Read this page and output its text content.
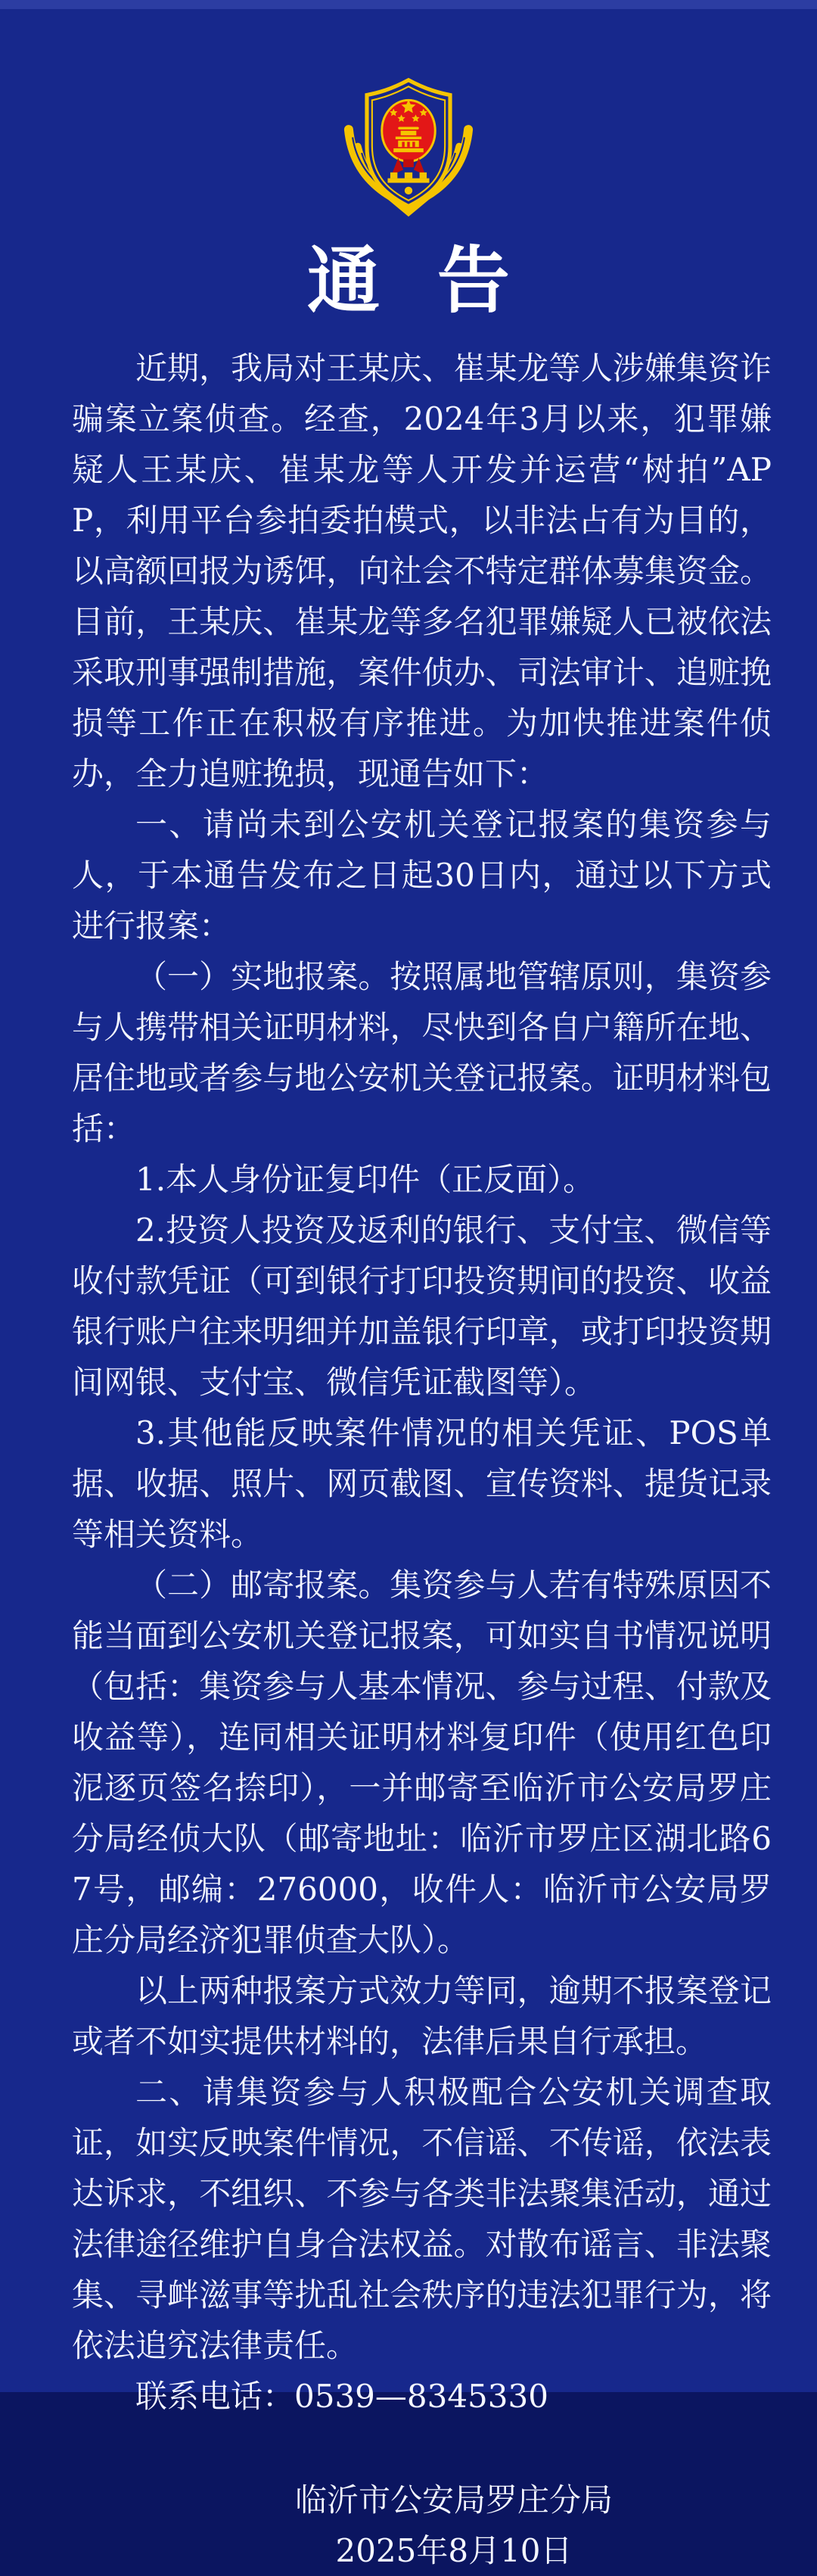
通 告

近期，我局对王某庆、崔某龙等人涉嫌集资诈骗案立案侦查。经查，2024年3月以来，犯罪嫌疑人王某庆、崔某龙等人开发并运营“树拍”APP，利用平台参拍委拍模式，以非法占有为目的，以高额回报为诱饵，向社会不特定群体募集资金。目前，王某庆、崔某龙等多名犯罪嫌疑人已被依法采取刑事强制措施，案件侦办、司法审计、追赃挽损等工作正在积极有序推进。为加快推进案件侦办，全力追赃挽损，现通告如下：

一、请尚未到公安机关登记报案的集资参与人，于本通告发布之日起30日内，通过以下方式进行报案：

（一）实地报案。按照属地管辖原则，集资参与人携带相关证明材料，尽快到各自户籍所在地、居住地或者参与地公安机关登记报案。证明材料包括：

1.本人身份证复印件（正反面）。

2.投资人投资及返利的银行、支付宝、微信等收付款凭证（可到银行打印投资期间的投资、收益银行账户往来明细并加盖银行印章，或打印投资期间网银、支付宝、微信凭证截图等）。

3.其他能反映案件情况的相关凭证、POS单据、收据、照片、网页截图、宣传资料、提货记录等相关资料。

（二）邮寄报案。集资参与人若有特殊原因不能当面到公安机关登记报案，可如实自书情况说明（包括：集资参与人基本情况、参与过程、付款及收益等），连同相关证明材料复印件（使用红色印泥逐页签名捺印），一并邮寄至临沂市公安局罗庄分局经侦大队（邮寄地址：临沂市罗庄区湖北路67号，邮编：276000，收件人：临沂市公安局罗庄分局经济犯罪侦查大队）。

以上两种报案方式效力等同，逾期不报案登记或者不如实提供材料的，法律后果自行承担。

二、请集资参与人积极配合公安机关调查取证，如实反映案件情况，不信谣、不传谣，依法表达诉求，不组织、不参与各类非法聚集活动，通过法律途径维护自身合法权益。对散布谣言、非法聚集、寻衅滋事等扰乱社会秩序的违法犯罪行为，将依法追究法律责任。

联系电话：0539—8345330

临沂市公安局罗庄分局
2025年8月10日
